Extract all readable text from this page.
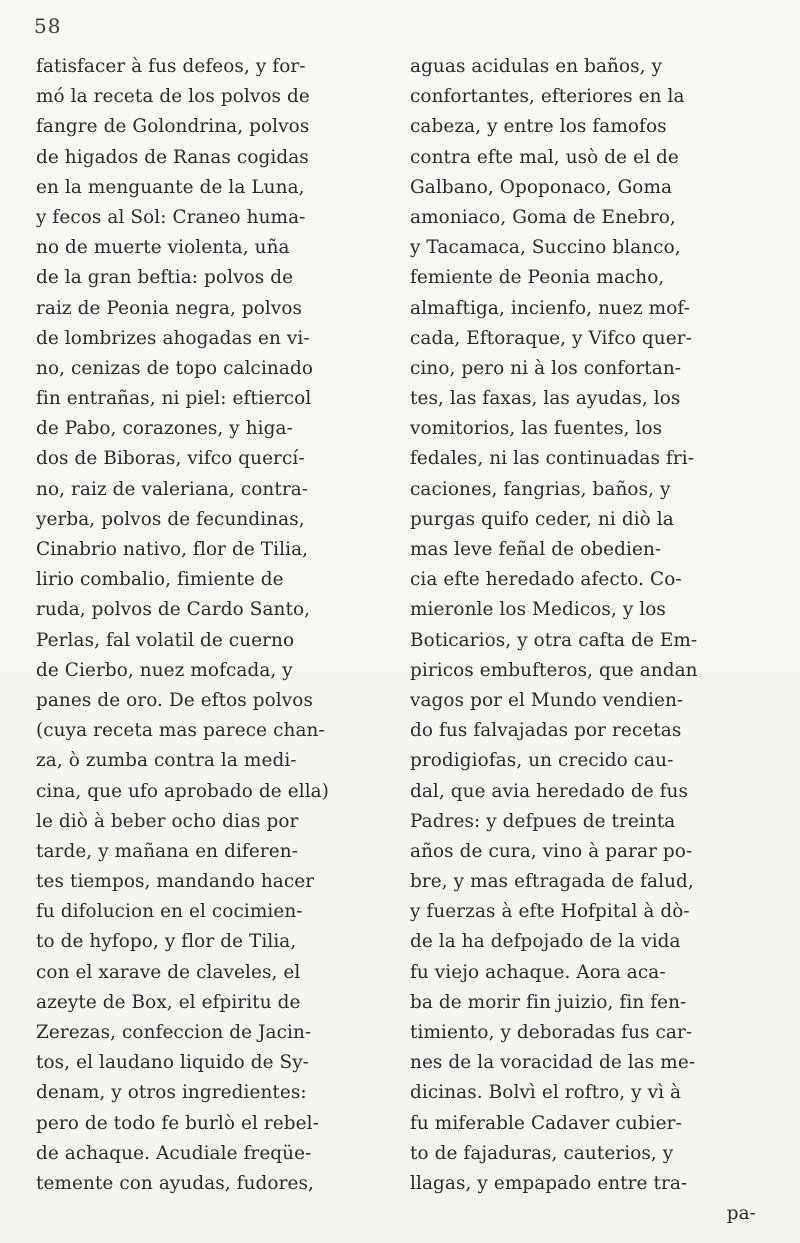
58
fatisfacer à fus defeos, y for-
mó la receta de los polvos de
fangre de Golondrina, polvos
de higados de Ranas cogidas
en la menguante de la Luna,
y fecos al Sol: Craneo huma-
no de muerte violenta, uña
de la gran beftia: polvos de
raiz de Peonia negra, polvos
de lombrizes ahogadas en vi-
no, cenizas de topo calcinado
fin entrañas, ni piel: eftiercol
de Pabo, corazones, y higa-
dos de Biboras, vifco quercí-
no, raiz de valeriana, contra-
yerba, polvos de fecundinas,
Cinabrio nativo, flor de Tilia,
lirio combalio, fimiente de
ruda, polvos de Cardo Santo,
Perlas, fal volatil de cuerno
de Cierbo, nuez mofcada, y
panes de oro. De eftos polvos
(cuya receta mas parece chan-
za, ò zumba contra la medi-
cina, que ufo aprobado de ella)
le diò à beber ocho dias por
tarde, y mañana en diferen-
tes tiempos, mandando hacer
fu difolucion en el cocimien-
to de hyfopo, y flor de Tilia,
con el xarave de claveles, el
azeyte de Box, el efpiritu de
Zerezas, confeccion de Jacin-
tos, el laudano liquido de Sy-
denam, y otros ingredientes:
pero de todo fe burlò el rebel-
de achaque. Acudiale freqüe-
temente con ayudas, fudores,
aguas acidulas en baños, y
confortantes, efteriores en la
cabeza, y entre los famofos
contra efte mal, usò de el de
Galbano, Opoponaco, Goma
amoniaco, Goma de Enebro,
y Tacamaca, Succino blanco,
femiente de Peonia macho,
almaftiga, incienfo, nuez mof-
cada, Eftoraque, y Vifco quer-
cino, pero ni à los confortan-
tes, las faxas, las ayudas, los
vomitorios, las fuentes, los
fedales, ni las continuadas fri-
caciones, fangrias, baños, y
purgas quifo ceder, ni diò la
mas leve feñal de obedien-
cia efte heredado afecto. Co-
mieronle los Medicos, y los
Boticarios, y otra cafta de Em-
piricos embufteros, que andan
vagos por el Mundo vendien-
do fus falvajadas por recetas
prodigiofas, un crecido cau-
dal, que avia heredado de fus
Padres: y defpues de treinta
años de cura, vino à parar po-
bre, y mas eftragada de falud,
y fuerzas à efte Hofpital à dò-
de la ha defpojado de la vida
fu viejo achaque. Aora aca-
ba de morir fin juizio, fin fen-
timiento, y deboradas fus car-
nes de la voracidad de las me-
dicinas. Bolvì el roftro, y vì à
fu miferable Cadaver cubier-
to de fajaduras, cauterios, y
llagas, y empapado entre tra-
pa-
